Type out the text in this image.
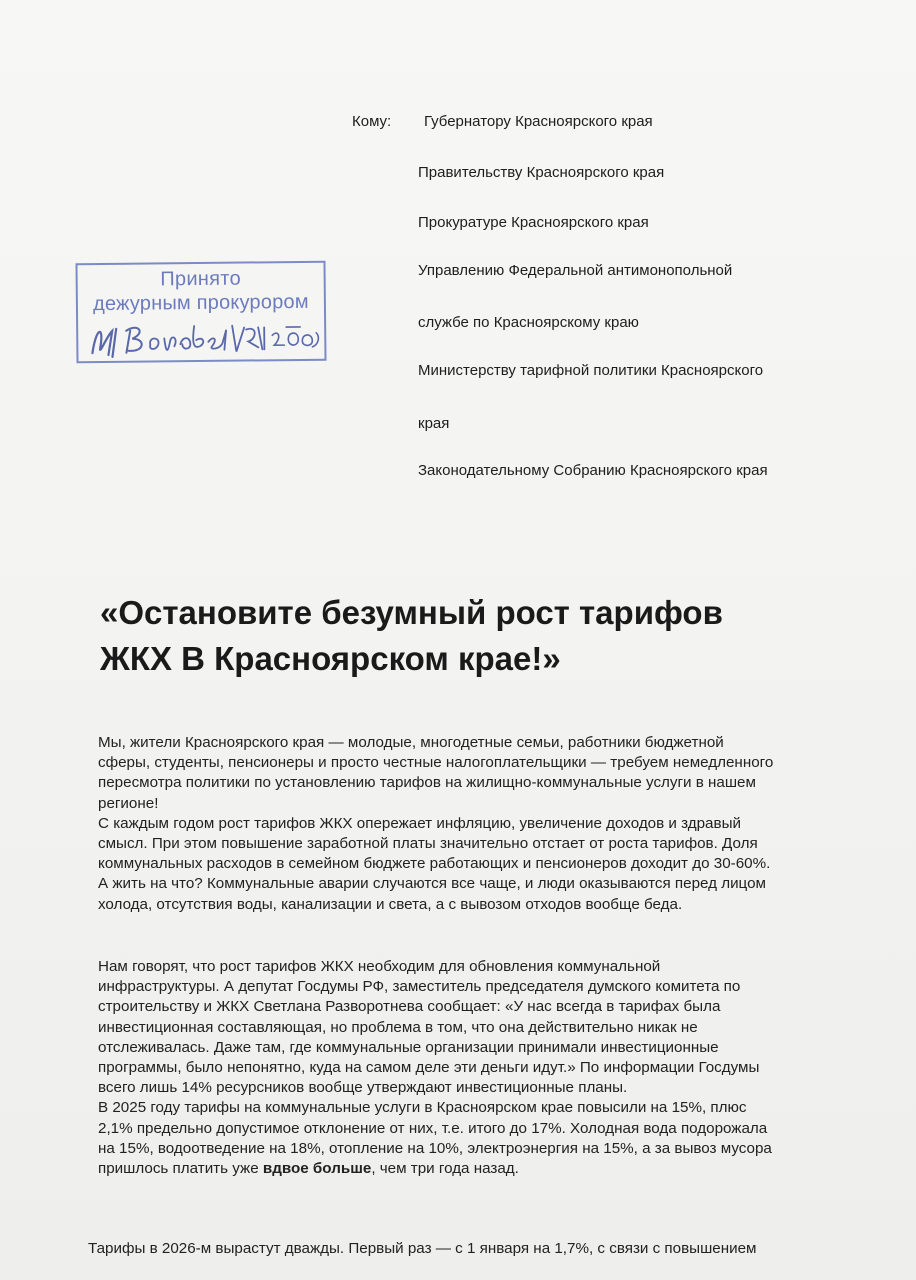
Кому: Губернатору Красноярского края
Правительству Красноярского края
Прокуратуре Красноярского края
Управлению Федеральной антимонопольной
службе по Красноярскому краю
Министерству тарифной политики Красноярского
края
Законодательному Собранию Красноярского края
Принято
дежурным прокурором
«Остановите безумный рост тарифов
ЖКХ В Красноярском крае!»

Мы, жители Красноярского края — молодые, многодетные семьи, работники бюджетной

сферы, студенты, пенсионеры и просто честные налогоплательщики — требуем немедленного

пересмотра политики по установлению тарифов на жилищно-коммунальные услуги в нашем

регионе!

С каждым годом рост тарифов ЖКХ опережает инфляцию, увеличение доходов и здравый

смысл. При этом повышение заработной платы значительно отстает от роста тарифов. Доля

коммунальных расходов в семейном бюджете работающих и пенсионеров доходит до 30-60%.

А жить на что? Коммунальные аварии случаются все чаще, и люди оказываются перед лицом

холода, отсутствия воды, канализации и света, а с вывозом отходов вообще беда.

Нам говорят, что рост тарифов ЖКХ необходим для обновления коммунальной

инфраструктуры. А депутат Госдумы РФ, заместитель председателя думского комитета по

строительству и ЖКХ Светлана Разворотнева сообщает: «У нас всегда в тарифах была

инвестиционная составляющая, но проблема в том, что она действительно никак не

отслеживалась. Даже там, где коммунальные организации принимали инвестиционные

программы, было непонятно, куда на самом деле эти деньги идут.» По информации Госдумы

всего лишь 14% ресурсников вообще утверждают инвестиционные планы.

В 2025 году тарифы на коммунальные услуги в Красноярском крае повысили на 15%, плюс

2,1% предельно допустимое отклонение от них, т.е. итого до 17%. Холодная вода подорожала

на 15%, водоотведение на 18%, отопление на 10%, электроэнергия на 15%, а за вывоз мусора

пришлось платить уже вдвое больше, чем три года назад.

Тарифы в 2026-м вырастут дважды. Первый раз — с 1 января на 1,7%, с связи с повышением
